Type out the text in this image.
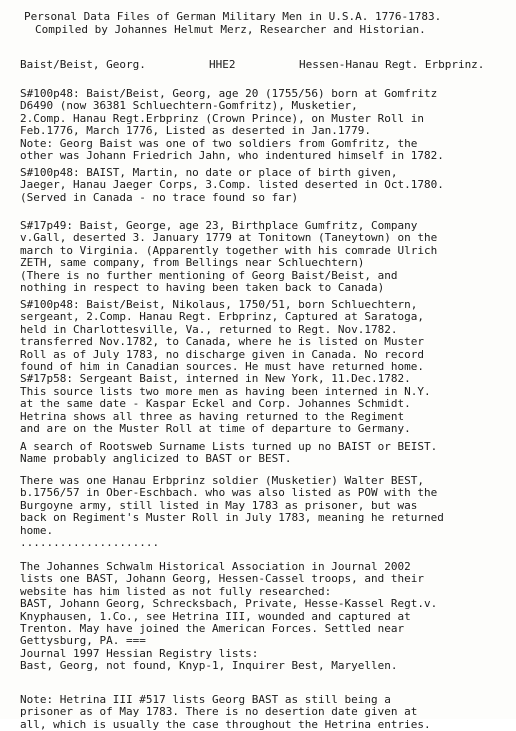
Personal Data Files of German Military Men in U.S.A. 1776-1783.
Compiled by Johannes Helmut Merz, Researcher and Historian.
Baist/Beist, Georg.	HHE2	Hessen-Hanau Regt. Erbprinz.
S#100p48: Baist/Beist, Georg, age 20 (1755/56) born at Gomfritz
D6490 (now 36381 Schluechtern-Gomfritz), Musketier,
2.Comp. Hanau Regt.Erbprinz (Crown Prince), on Muster Roll in
Feb.1776, March 1776, Listed as deserted in Jan.1779.
Note: Georg Baist was one of two soldiers from Gomfritz, the
other was Johann Friedrich Jahn, who indentured himself in 1782.
S#100p48: BAIST, Martin, no date or place of birth given,
Jaeger, Hanau Jaeger Corps, 3.Comp. listed deserted in Oct.1780.
(Served in Canada - no trace found so far)
S#17p49: Baist, George, age 23, Birthplace Gumfritz, Company
v.Gall, deserted 3. January 1779 at Tonitown (Taneytown) on the
march to Virginia. (Apparently together with his comrade Ulrich
ZETH, same company, from Bellings near Schluechtern)
(There is no further mentioning of Georg Baist/Beist, and
nothing in respect to having been taken back to Canada)
S#100p48: Baist/Beist, Nikolaus, 1750/51, born Schluechtern,
sergeant, 2.Comp. Hanau Regt. Erbprinz, Captured at Saratoga,
held in Charlottesville, Va., returned to Regt. Nov.1782.
transferred Nov.1782, to Canada, where he is listed on Muster
Roll as of July 1783, no discharge given in Canada. No record
found of him in Canadian sources. He must have returned home.
S#17p58: Sergeant Baist, interned in New York, 11.Dec.1782.
This source lists two more men as having been interned in N.Y.
at the same date - Kaspar Eckel and Corp. Johannes Schmidt.
Hetrina shows all three as having returned to the Regiment
and are on the Muster Roll at time of departure to Germany.
A search of Rootsweb Surname Lists turned up no BAIST or BEIST.
Name probably anglicized to BAST or BEST.
There was one Hanau Erbprinz soldier (Musketier) Walter BEST,
b.1756/57 in Ober-Eschbach. who was also listed as POW with the
Burgoyne army, still listed in May 1783 as prisoner, but was
back on Regiment's Muster Roll in July 1783, meaning he returned
home.
.....................
The Johannes Schwalm Historical Association in Journal 2002
lists one BAST, Johann Georg, Hessen-Cassel troops, and their
website has him listed as not fully researched:
BAST, Johann Georg, Schrecksbach, Private, Hesse-Kassel Regt.v.
Knyphausen, 1.Co., see Hetrina III, wounded and captured at
Trenton. May have joined the American Forces. Settled near
Gettysburg, PA. ===
Journal 1997 Hessian Registry lists:
Bast, Georg, not found, Knyp-1, Inquirer Best, Maryellen.
Note: Hetrina III #517 lists Georg BAST as still being a
prisoner as of May 1783. There is no desertion date given at
all, which is usually the case throughout the Hetrina entries.
